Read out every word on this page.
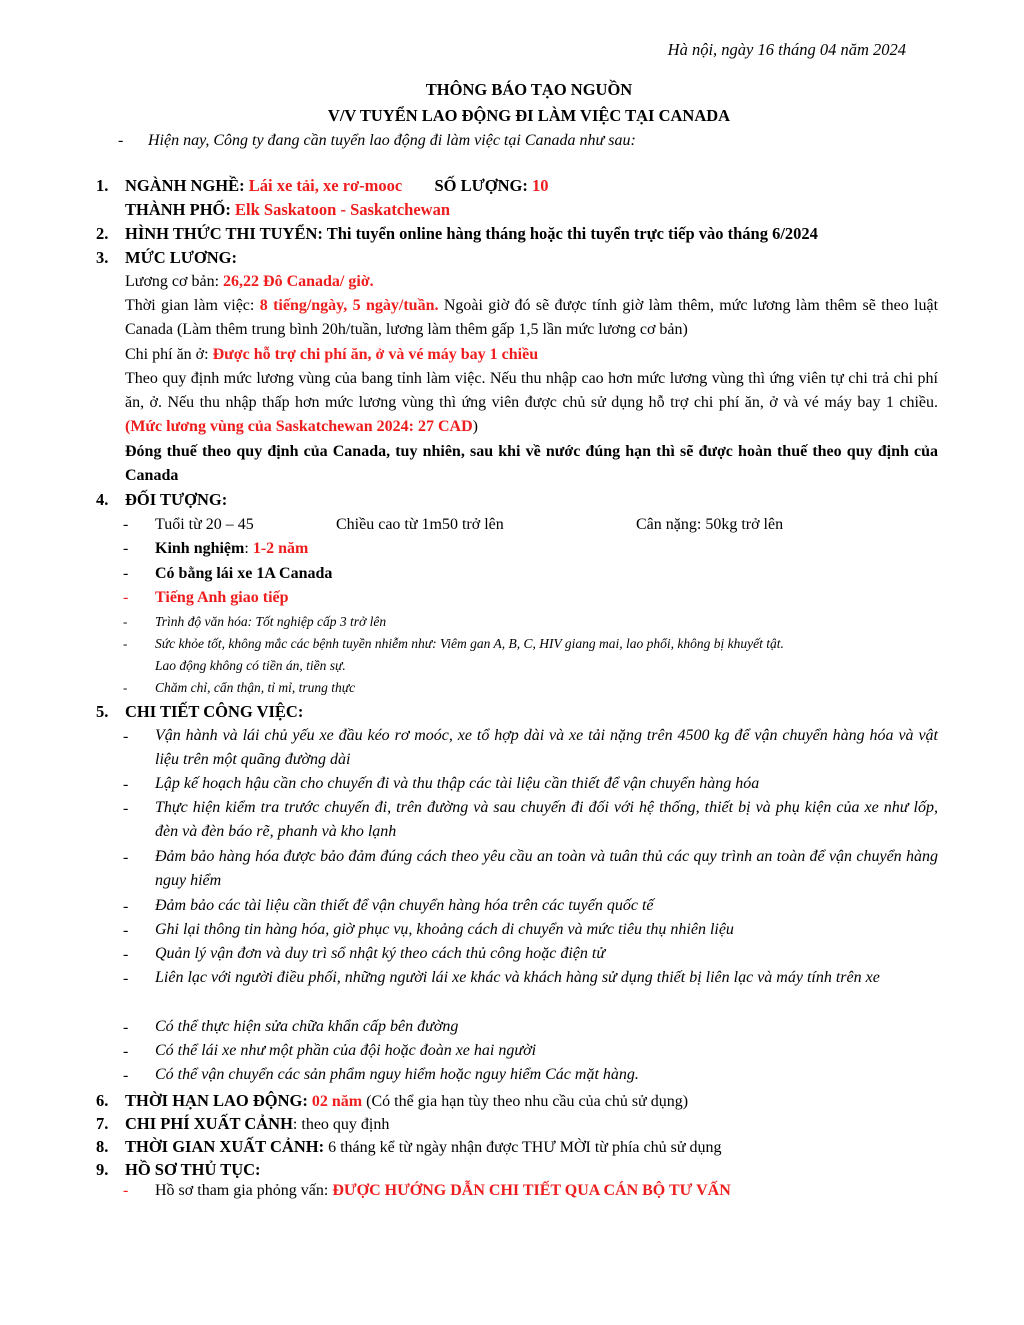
Hà nội, ngày 16 tháng 04 năm 2024
THÔNG BÁO TẠO NGUỒN
V/V TUYỂN LAO ĐỘNG ĐI LÀM VIỆC TẠI CANADA
- Hiện nay, Công ty đang cần tuyển lao động đi làm việc tại Canada như sau:
1. NGÀNH NGHỀ: Lái xe tải, xe rơ-mooc SỐ LƯỢNG: 10
THÀNH PHỐ: Elk Saskatoon - Saskatchewan
2. HÌNH THỨC THI TUYỂN: Thi tuyển online hàng tháng hoặc thi tuyển trực tiếp vào tháng 6/2024
3. MỨC LƯƠNG:
Lương cơ bản: 26,22 Đô Canada/ giờ.
Thời gian làm việc: 8 tiếng/ngày, 5 ngày/tuần. Ngoài giờ đó sẽ được tính giờ làm thêm, mức lương làm thêm sẽ theo luật Canada (Làm thêm trung bình 20h/tuần, lương làm thêm gấp 1,5 lần mức lương cơ bản)
Chi phí ăn ở: Được hỗ trợ chi phí ăn, ở và vé máy bay 1 chiều
Theo quy định mức lương vùng của bang tỉnh làm việc. Nếu thu nhập cao hơn mức lương vùng thì ứng viên tự chi trả chi phí ăn, ở. Nếu thu nhập thấp hơn mức lương vùng thì ứng viên được chủ sử dụng hỗ trợ chi phí ăn, ở và vé máy bay 1 chiều. (Mức lương vùng của Saskatchewan 2024: 27 CAD)
Đóng thuế theo quy định của Canada, tuy nhiên, sau khi về nước đúng hạn thì sẽ được hoàn thuế theo quy định của Canada
4. ĐỐI TƯỢNG:
- Tuổi từ 20 – 45	Chiều cao từ 1m50 trở lên	Cân nặng: 50kg trở lên
- Kinh nghiệm: 1-2 năm
- Có bằng lái xe 1A Canada
- Tiếng Anh giao tiếp
- Trình độ văn hóa: Tốt nghiệp cấp 3 trở lên
- Sức khỏe tốt, không mắc các bệnh tuyền nhiễm như: Viêm gan A, B, C, HIV giang mai, lao phổi, không bị khuyết tật.
Lao động không có tiền án, tiền sự.
- Chăm chỉ, cẩn thận, tỉ mỉ, trung thực
5. CHI TIẾT CÔNG VIỆC:
- Vận hành và lái chủ yếu xe đầu kéo rơ moóc, xe tổ hợp dài và xe tải nặng trên 4500 kg để vận chuyển hàng hóa và vật liệu trên một quãng đường dài
- Lập kế hoạch hậu cần cho chuyến đi và thu thập các tài liệu cần thiết để vận chuyển hàng hóa
- Thực hiện kiểm tra trước chuyến đi, trên đường và sau chuyến đi đối với hệ thống, thiết bị và phụ kiện của xe như lốp, đèn và đèn báo rẽ, phanh và kho lạnh
- Đảm bảo hàng hóa được bảo đảm đúng cách theo yêu cầu an toàn và tuân thủ các quy trình an toàn để vận chuyển hàng nguy hiểm
- Đảm bảo các tài liệu cần thiết để vận chuyển hàng hóa trên các tuyến quốc tế
- Ghi lại thông tin hàng hóa, giờ phục vụ, khoảng cách di chuyển và mức tiêu thụ nhiên liệu
- Quản lý vận đơn và duy trì sổ nhật ký theo cách thủ công hoặc điện tử
- Liên lạc với người điều phối, những người lái xe khác và khách hàng sử dụng thiết bị liên lạc và máy tính trên xe
- Có thể thực hiện sửa chữa khẩn cấp bên đường
- Có thể lái xe như một phần của đội hoặc đoàn xe hai người
- Có thể vận chuyển các sản phẩm nguy hiểm hoặc nguy hiểm Các mặt hàng.
6. THỜI HẠN LAO ĐỘNG: 02 năm (Có thể gia hạn tùy theo nhu cầu của chủ sử dụng)
7. CHI PHÍ XUẤT CẢNH: theo quy định
8. THỜI GIAN XUẤT CẢNH: 6 tháng kể từ ngày nhận được THƯ MỜI từ phía chủ sử dụng
9. HỒ SƠ THỦ TỤC:
- Hồ sơ tham gia phỏng vấn: ĐƯỢC HƯỚNG DẪN CHI TIẾT QUA CÁN BỘ TƯ VẤN
